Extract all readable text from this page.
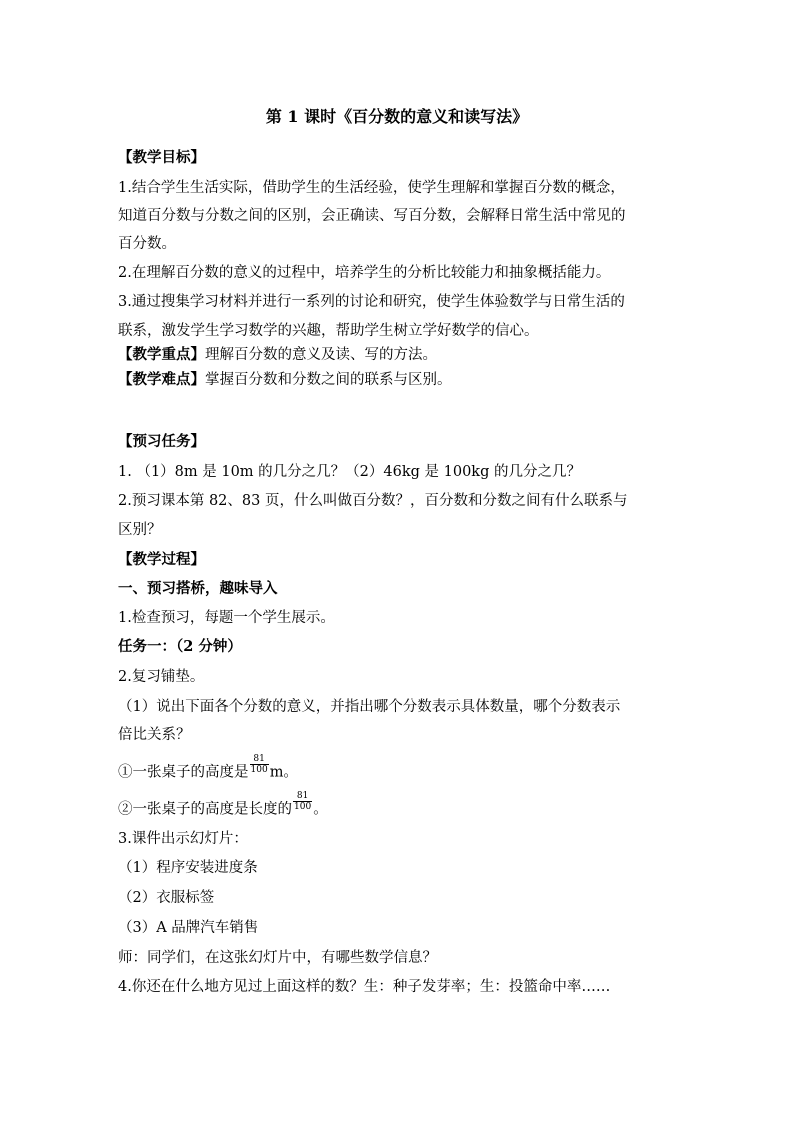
第 1 课时《百分数的意义和读写法》
【教学目标】
1.结合学生生活实际，借助学生的生活经验，使学生理解和掌握百分数的概念，
知道百分数与分数之间的区别，会正确读、写百分数，会解释日常生活中常见的
百分数。
2.在理解百分数的意义的过程中，培养学生的分析比较能力和抽象概括能力。
3.通过搜集学习材料并进行一系列的讨论和研究，使学生体验数学与日常生活的
联系，激发学生学习数学的兴趣，帮助学生树立学好数学的信心。
【教学重点】理解百分数的意义及读、写的方法。
【教学难点】掌握百分数和分数之间的联系与区别。
【预习任务】
1. （1）8m 是 10m 的几分之几？（2）46kg 是 100kg 的几分之几？
2.预习课本第 82、83 页，什么叫做百分数？，百分数和分数之间有什么联系与
区别？
【教学过程】
一、预习搭桥，趣味导入
1.检查预习，每题一个学生展示。
任务一：（2 分钟）
2.复习铺垫。
（1）说出下面各个分数的意义，并指出哪个分数表示具体数量，哪个分数表示
倍比关系？
①一张桌子的高度是 $\frac{81}{100}$ m。
②一张桌子的高度是长度的 $\frac{81}{100}$ 。
3.课件出示幻灯片：
（1）程序安装进度条
（2）衣服标签
（3）A 品牌汽车销售
师：同学们，在这张幻灯片中，有哪些数学信息？
4.你还在什么地方见过上面这样的数？生：种子发芽率；生：投篮命中率……
